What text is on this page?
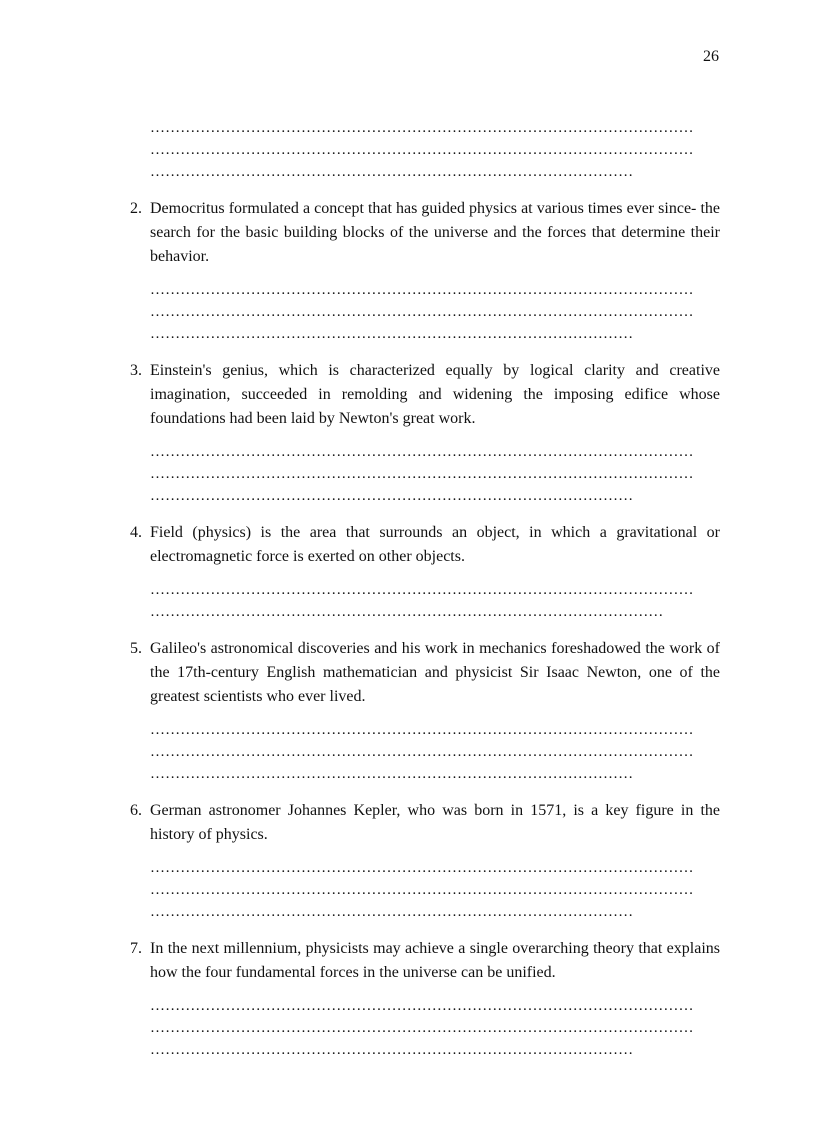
26
………………………………………………………………………………………………
………………………………………………………………………………………………
……………………………………………………………………………………
2. Democritus formulated a concept that has guided physics at various times ever since- the search for the basic building blocks of the universe and the forces that determine their behavior.
………………………………………………………………………………………………
………………………………………………………………………………………………
……………………………………………………………………………………
3. Einstein's genius, which is characterized equally by logical clarity and creative imagination, succeeded in remolding and widening the imposing edifice whose foundations had been laid by Newton's great work.
………………………………………………………………………………………………
………………………………………………………………………………………………
……………………………………………………………………………………
4. Field (physics) is the area that surrounds an object, in which a gravitational or electromagnetic force is exerted on other objects.
………………………………………………………………………………………………
…………………………………………………………………………………………
5. Galileo's astronomical discoveries and his work in mechanics foreshadowed the work of the 17th-century English mathematician and physicist Sir Isaac Newton, one of the greatest scientists who ever lived.
………………………………………………………………………………………………
………………………………………………………………………………………………
……………………………………………………………………………………
6. German astronomer Johannes Kepler, who was born in 1571, is a key figure in the history of physics.
………………………………………………………………………………………………
………………………………………………………………………………………………
……………………………………………………………………………………
7. In the next millennium, physicists may achieve a single overarching theory that explains how the four fundamental forces in the universe can be unified.
………………………………………………………………………………………………
………………………………………………………………………………………………
……………………………………………………………………………………
